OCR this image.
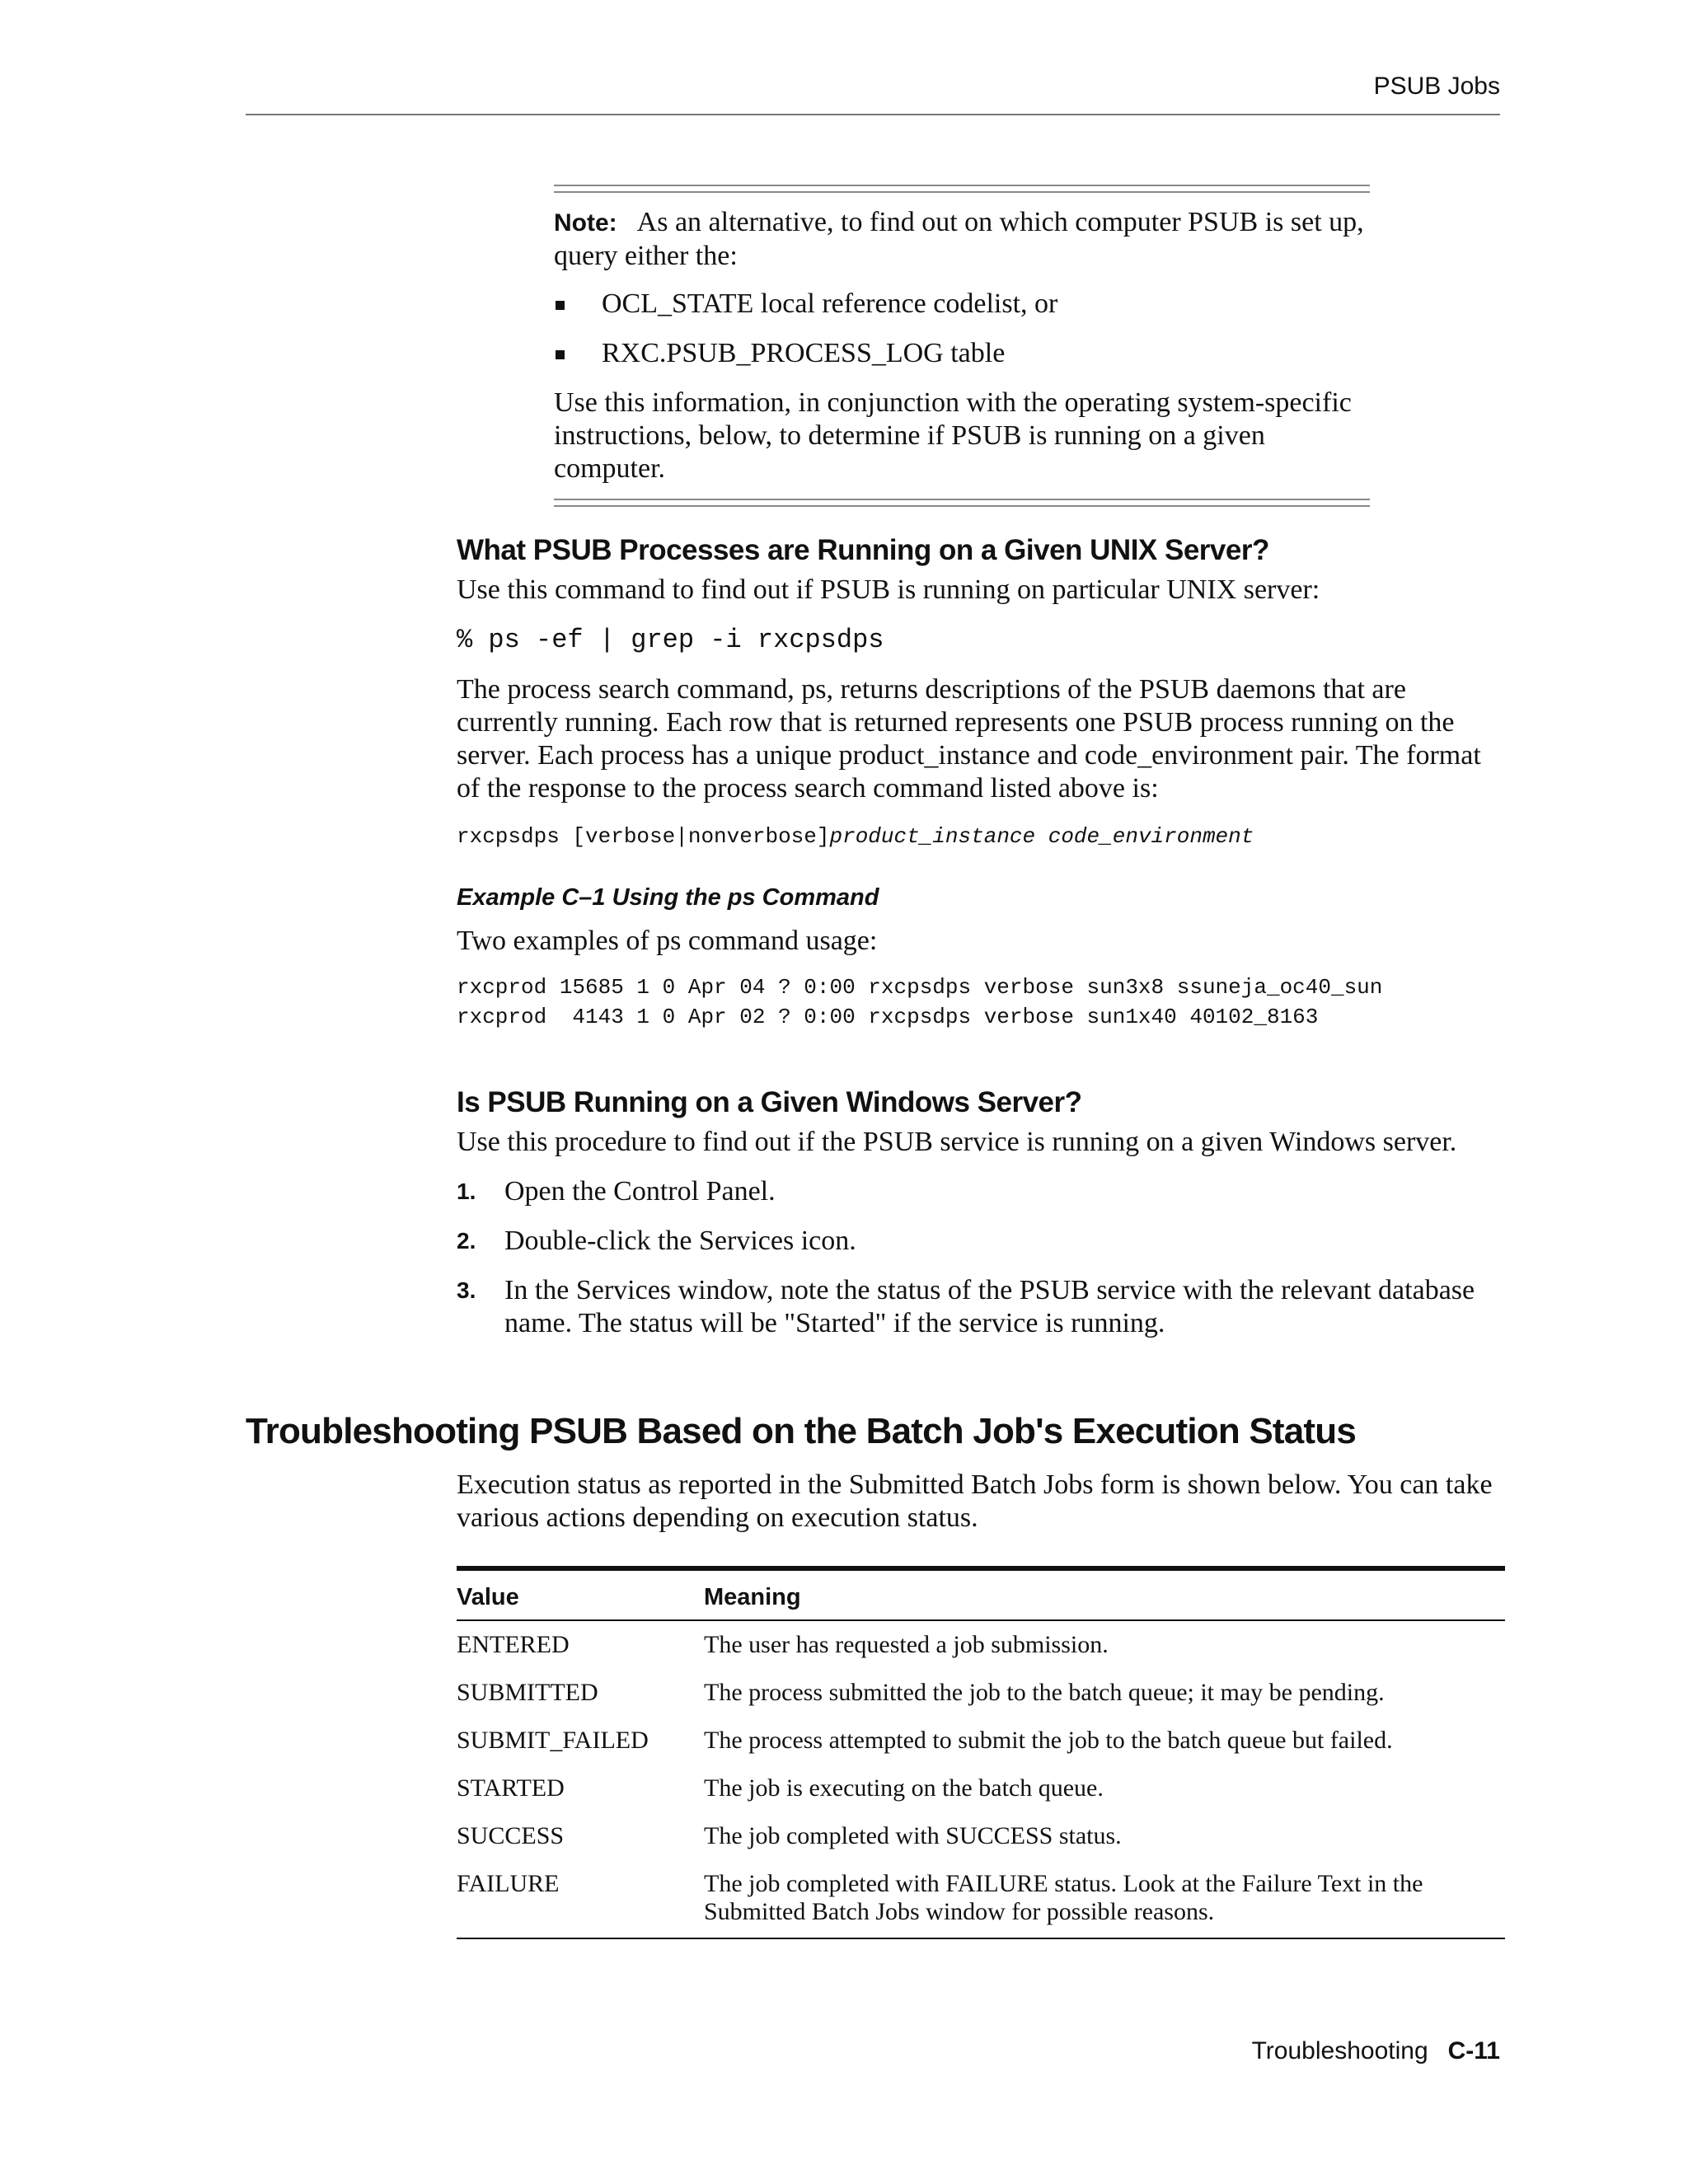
PSUB Jobs

Note: As an alternative, to find out on which computer PSUB is set up, query either the:

OCL_STATE local reference codelist, or
RXC.PSUB_PROCESS_LOG table

Use this information, in conjunction with the operating system-specific instructions, below, to determine if PSUB is running on a given computer.

What PSUB Processes are Running on a Given UNIX Server?

Use this command to find out if PSUB is running on particular UNIX server:

% ps -ef | grep -i rxcpsdps

The process search command, ps, returns descriptions of the PSUB daemons that are currently running. Each row that is returned represents one PSUB process running on the server. Each process has a unique product_instance and code_environment pair. The format of the response to the process search command listed above is:

rxcpsdps [verbose|nonverbose]product_instance code_environment

Example C–1 Using the ps Command

Two examples of ps command usage:

rxcprod 15685 1 0 Apr 04 ? 0:00 rxcpsdps verbose sun3x8 ssuneja_oc40_sun

rxcprod  4143 1 0 Apr 02 ? 0:00 rxcpsdps verbose sun1x40 40102_8163

Is PSUB Running on a Given Windows Server?

Use this procedure to find out if the PSUB service is running on a given Windows server.

1. Open the Control Panel.
2. Double-click the Services icon.
3. In the Services window, note the status of the PSUB service with the relevant database name. The status will be "Started" if the service is running.
Troubleshooting PSUB Based on the Batch Job's Execution Status

Execution status as reported in the Submitted Batch Jobs form is shown below. You can take various actions depending on execution status.

Value	Meaning
ENTERED	The user has requested a job submission.
SUBMITTED	The process submitted the job to the batch queue; it may be pending.
SUBMIT_FAILED	The process attempted to submit the job to the batch queue but failed.
STARTED	The job is executing on the batch queue.
SUCCESS	The job completed with SUCCESS status.
FAILURE	The job completed with FAILURE status. Look at the Failure Text in the Submitted Batch Jobs window for possible reasons.
Troubleshooting C-11
